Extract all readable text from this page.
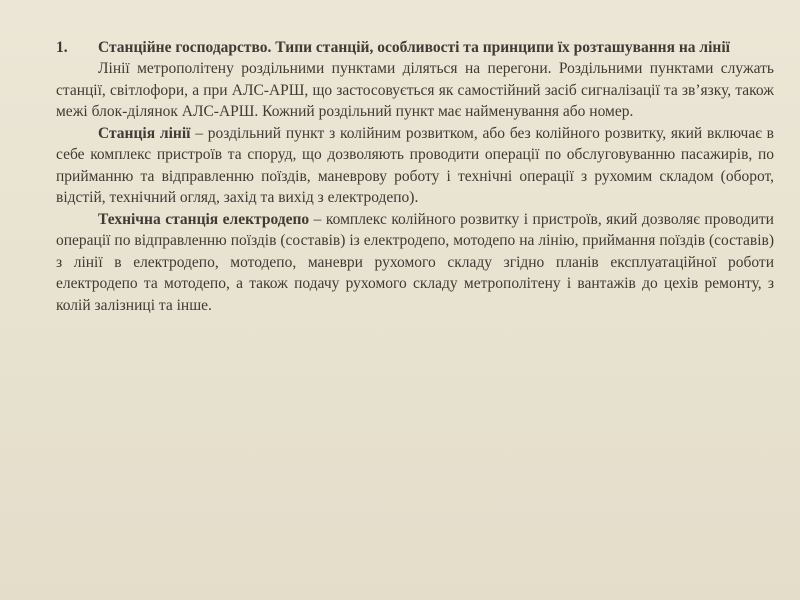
1.	Станційне господарство. Типи станцій, особливості та принципи їх розташування на лінії

Лінії метрополітену роздільними пунктами діляться на перегони. Роздільними пунктами служать станції, світлофори, а при АЛС-АРШ, що застосовується як самостійний засіб сигналізації та зв’язку, також межі блок-ділянок АЛС-АРШ. Кожний роздільний пункт має найменування або номер.

Станція лінії – роздільний пункт з колійним розвитком, або без колійного розвитку, який включає в себе комплекс пристроїв та споруд, що дозволяють проводити операції по обслуговуванню пасажирів, по прийманню та відправленню поїздів, маневрову роботу і технічні операції з рухомим складом (оборот, відстій, технічний огляд, захід та вихід з електродепо).

Технічна станція електродепо – комплекс колійного розвитку і пристроїв, який дозволяє проводити операції по відправленню поїздів (составів) із електродепо, мотодепо на лінію, приймання поїздів (составів) з лінії в електродепо, мотодепо, маневри рухомого складу згідно планів експлуатаційної роботи електродепо та мотодепо, а також подачу рухомого складу метрополітену і вантажів до цехів ремонту, з колій залізниці та інше.
